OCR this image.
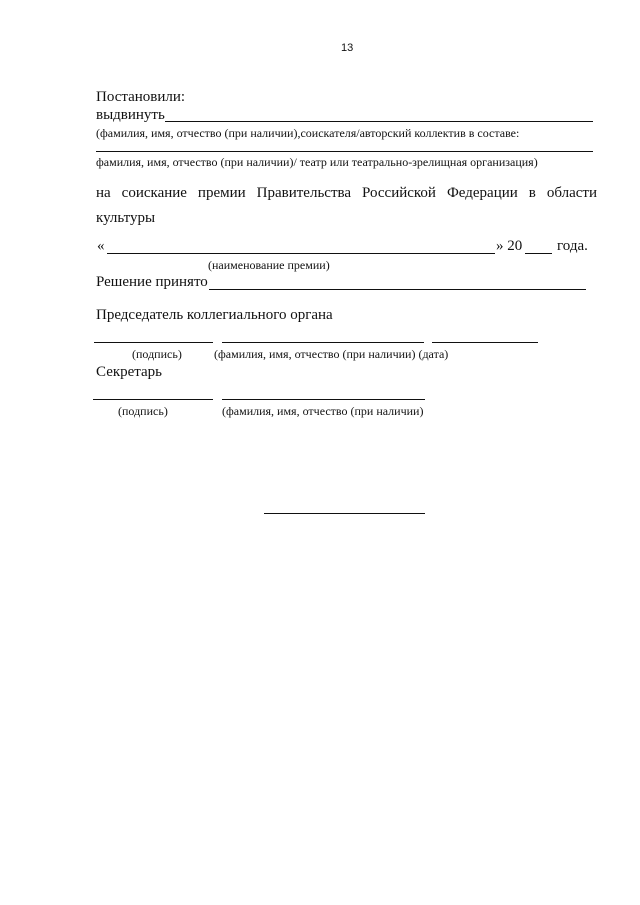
13
Постановили:
выдвинуть
(фамилия, имя, отчество (при наличии),соискателя/авторский коллектив в составе:
фамилия, имя, отчество (при наличии)/ театр или театрально-зрелищная организация)
на соискание премии Правительства Российской Федерации в области
культуры
«	» 20 года.
(наименование премии)
Решение принято
Председатель коллегиального органа
(подпись)	(фамилия, имя, отчество (при наличии) (дата)
Секретарь
(подпись)	(фамилия, имя, отчество (при наличии)
